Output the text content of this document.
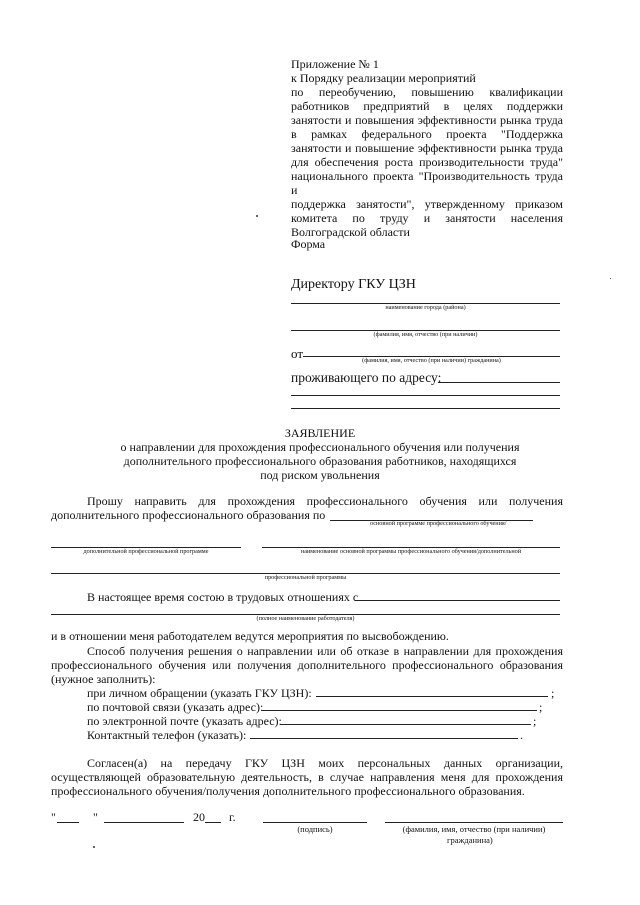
Приложение № 1
к Порядку реализации мероприятий
по переобучению, повышению квалификации
работников предприятий в целях поддержки
занятости и повышения эффективности рынка труда
в рамках федерального проекта "Поддержка
занятости и повышение эффективности рынка труда
для обеспечения роста производительности труда"
национального проекта "Производительность труда и
поддержка занятости", утвержденному приказом
комитета по труду и занятости населения
Волгоградской области
Форма
Директору ГКУ ЦЗН
наименование города (района)
(фамилия, имя, отчество (при наличии)
от	(фамилия, имя, отчество (при наличии) гражданина)
проживающего по адресу:
ЗАЯВЛЕНИЕ
о направлении для прохождения профессионального обучения или получения
дополнительного профессионального образования работников, находящихся
под риском увольнения
Прошу направить для прохождения профессионального обучения или получения
дополнительного профессионального образования по
основной программе профессионального обучения/
дополнительной профессиональной программе	наименование основной программы профессионального обучения/дополнительной
профессиональной программы
В настоящее время состою в трудовых отношениях с
(полное наименование работодателя)
и в отношении меня работодателем ведутся мероприятия по высвобождению.
Способ получения решения о направлении или об отказе в направлении для прохождения
профессионального обучения или получения дополнительного профессионального образования
(нужное заполнить):
при личном обращении (указать ГКУ ЦЗН):	;
по почтовой связи (указать адрес):	;
по электронной почте (указать адрес):	;
Контактный телефон (указать):	.
Согласен(а) на передачу ГКУ ЦЗН моих персональных данных организации,
осуществляющей образовательную деятельность, в случае направления меня для прохождения
профессионального обучения/получения дополнительного профессионального образования.
"	"	20 г.
(подпись)	(фамилия, имя, отчество (при наличии)
гражданина)
